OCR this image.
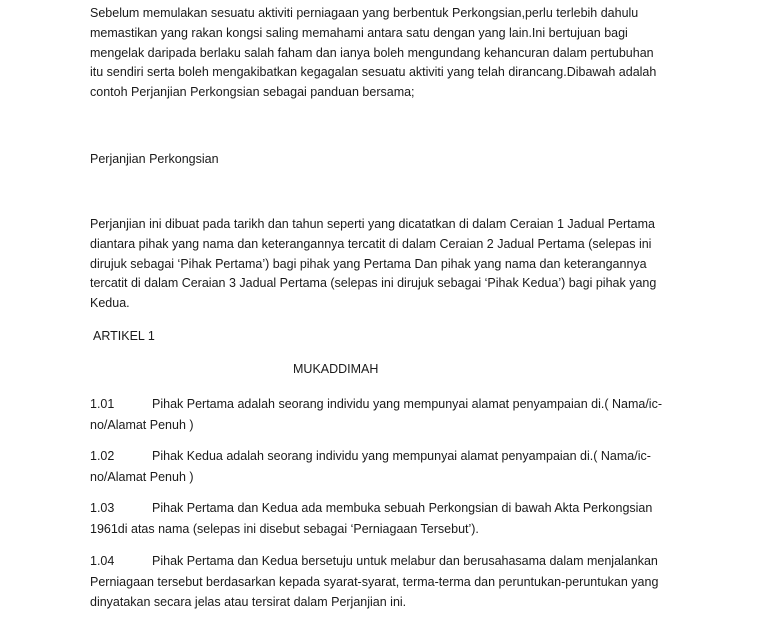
Sebelum memulakan sesuatu aktiviti perniagaan yang berbentuk Perkongsian,perlu terlebih dahulu
memastikan yang rakan kongsi saling memahami antara satu dengan yang lain.Ini bertujuan bagi
mengelak daripada berlaku salah faham dan ianya boleh mengundang kehancuran dalam pertubuhan
itu sendiri serta boleh mengakibatkan kegagalan sesuatu aktiviti yang telah dirancang.Dibawah adalah
contoh Perjanjian Perkongsian sebagai panduan bersama;

Perjanjian Perkongsian

Perjanjian ini dibuat pada tarikh dan tahun seperti yang dicatatkan di dalam Ceraian 1 Jadual Pertama
diantara pihak yang nama dan keterangannya tercatit di dalam Ceraian 2 Jadual Pertama (selepas ini
dirujuk sebagai ‘Pihak Pertama’) bagi pihak yang Pertama Dan pihak yang nama dan keterangannya
tercatit di dalam Ceraian 3 Jadual Pertama (selepas ini dirujuk sebagai ‘Pihak Kedua’) bagi pihak yang
Kedua.

ARTIKEL 1

MUKADDIMAH

1.01	Pihak Pertama adalah seorang individu yang mempunyai alamat penyampaian di.( Nama/ic-
no/Alamat Penuh )
1.02	Pihak Kedua adalah seorang individu yang mempunyai alamat penyampaian di.( Nama/ic-
no/Alamat Penuh )
1.03	Pihak Pertama dan Kedua ada membuka sebuah Perkongsian di bawah Akta Perkongsian
1961di atas nama (selepas ini disebut sebagai ‘Perniagaan Tersebut’).
1.04	Pihak Pertama dan Kedua bersetuju untuk melabur dan berusahasama dalam menjalankan
Perniagaan tersebut berdasarkan kepada syarat-syarat, terma-terma dan peruntukan-peruntukan yang
dinyatakan secara jelas atau tersirat dalam Perjanjian ini.
